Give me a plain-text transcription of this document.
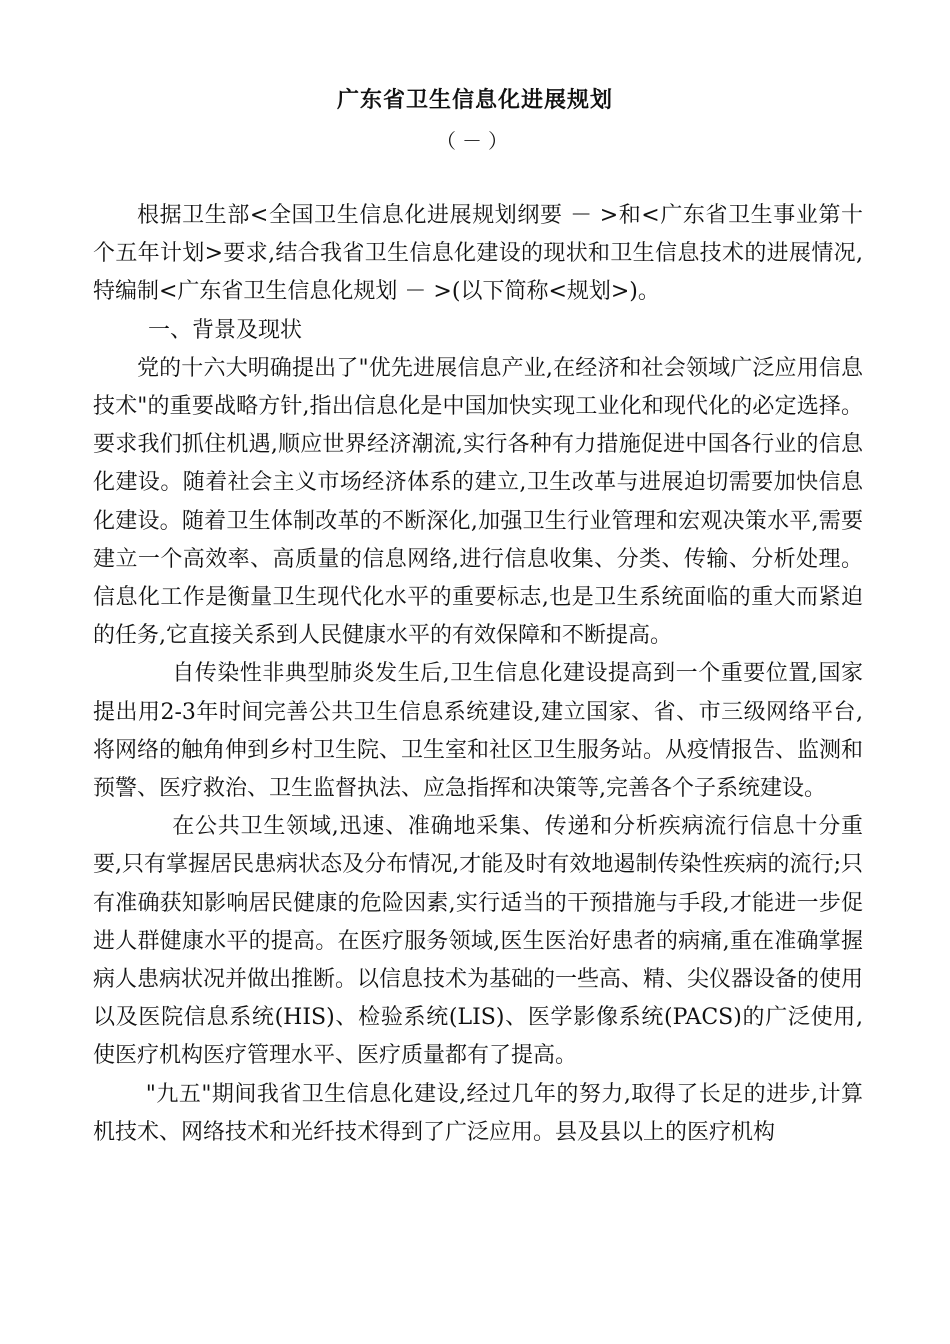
广东省卫生信息化进展规划
（－）

根据卫生部<全国卫生信息化进展规划纲要 － >和<广东省卫生事业第十个五年计划>要求,结合我省卫生信息化建设的现状和卫生信息技术的进展情况,特编制<广东省卫生信息化规划 － >(以下简称<规划>)。

一、背景及现状

党的十六大明确提出了"优先进展信息产业,在经济和社会领域广泛应用信息技术"的重要战略方针,指出信息化是中国加快实现工业化和现代化的必定选择。要求我们抓住机遇,顺应世界经济潮流,实行各种有力措施促进中国各行业的信息化建设。随着社会主义市场经济体系的建立,卫生改革与进展迫切需要加快信息化建设。随着卫生体制改革的不断深化,加强卫生行业管理和宏观决策水平,需要建立一个高效率、高质量的信息网络,进行信息收集、分类、传输、分析处理。信息化工作是衡量卫生现代化水平的重要标志,也是卫生系统面临的重大而紧迫的任务,它直接关系到人民健康水平的有效保障和不断提高。

自传染性非典型肺炎发生后,卫生信息化建设提高到一个重要位置,国家提出用2-3年时间完善公共卫生信息系统建设,建立国家、省、市三级网络平台,将网络的触角伸到乡村卫生院、卫生室和社区卫生服务站。从疫情报告、监测和预警、医疗救治、卫生监督执法、应急指挥和决策等,完善各个子系统建设。

在公共卫生领域,迅速、准确地采集、传递和分析疾病流行信息十分重要,只有掌握居民患病状态及分布情况,才能及时有效地遏制传染性疾病的流行;只有准确获知影响居民健康的危险因素,实行适当的干预措施与手段,才能进一步促进人群健康水平的提高。在医疗服务领域,医生医治好患者的病痛,重在准确掌握病人患病状况并做出推断。以信息技术为基础的一些高、精、尖仪器设备的使用以及医院信息系统(HIS)、检验系统(LIS)、医学影像系统(PACS)的广泛使用,使医疗机构医疗管理水平、医疗质量都有了提高。

"九五"期间我省卫生信息化建设,经过几年的努力,取得了长足的进步,计算机技术、网络技术和光纤技术得到了广泛应用。县及县以上的医疗机构
